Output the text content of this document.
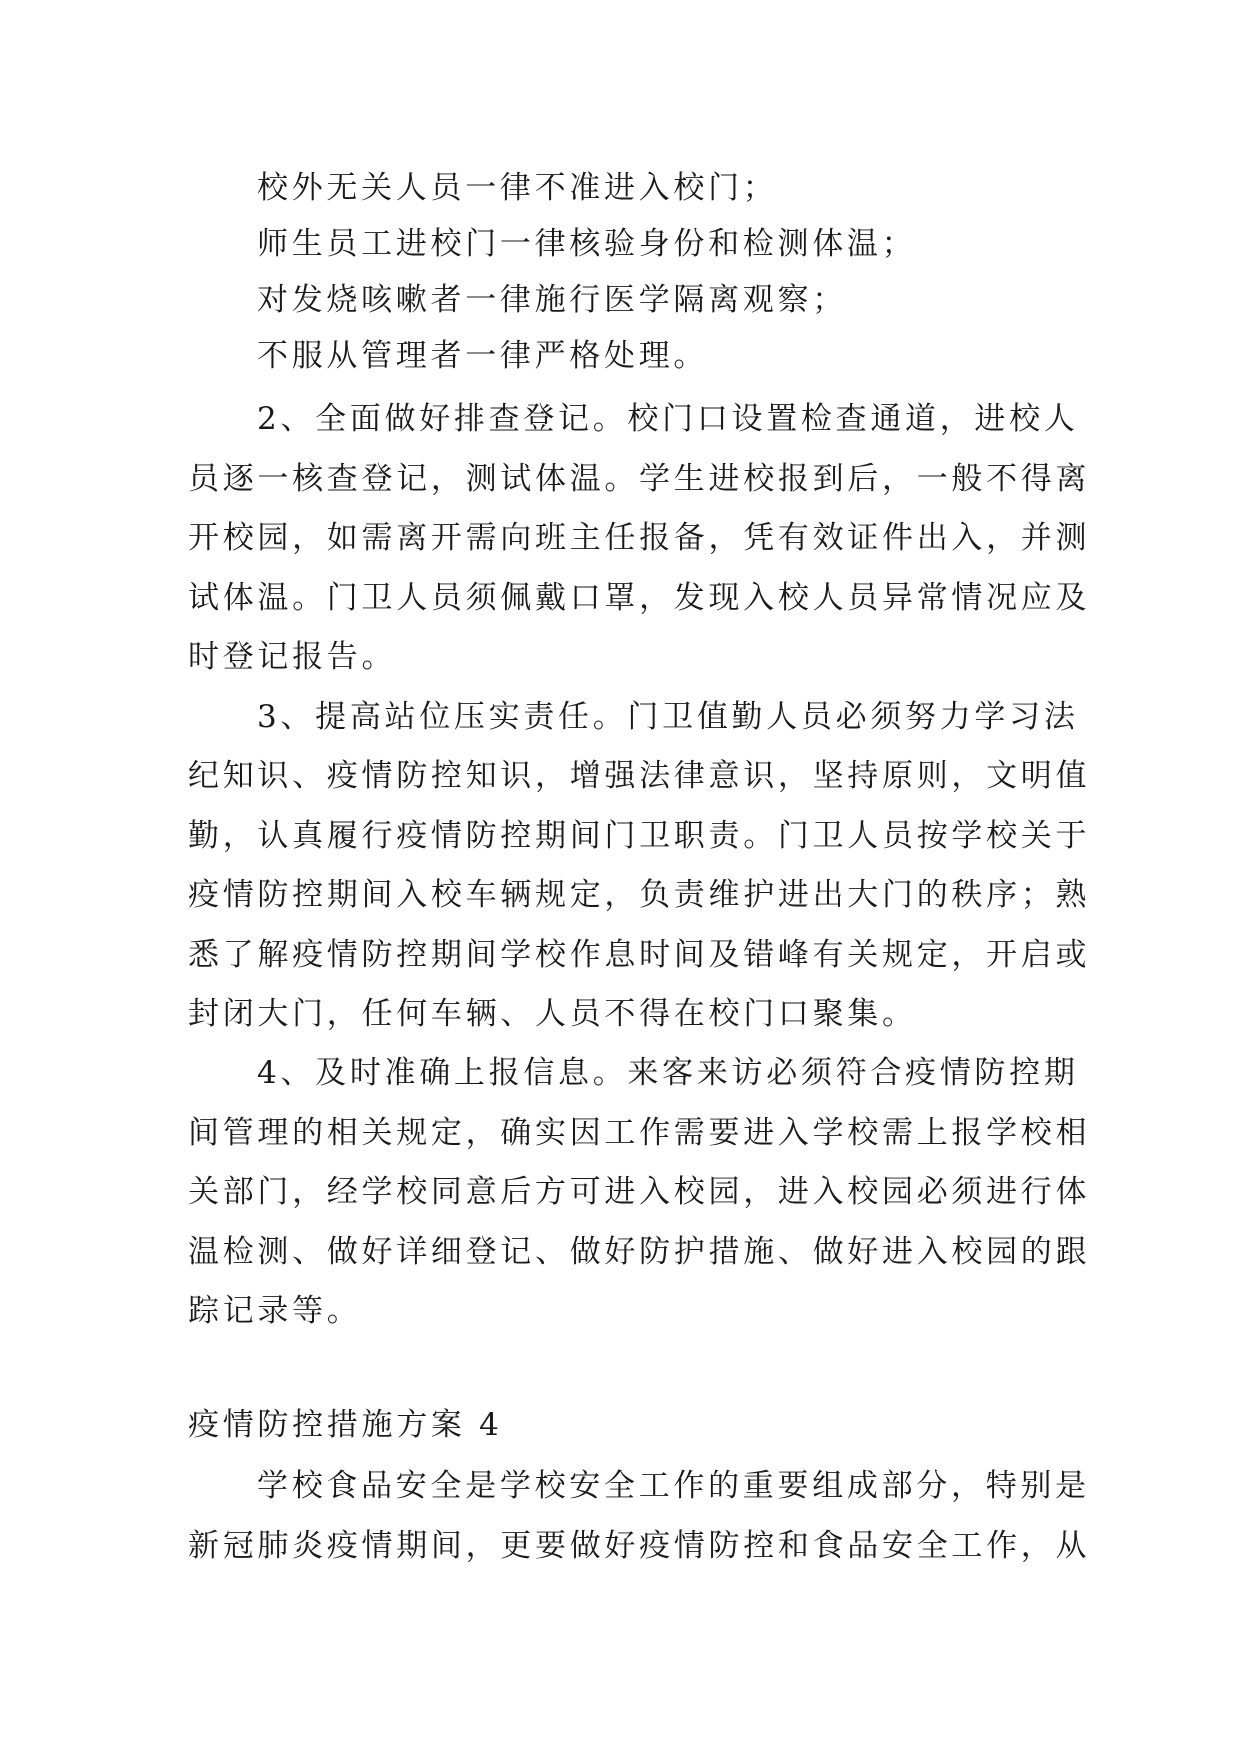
校外无关人员一律不准进入校门；
师生员工进校门一律核验身份和检测体温；
对发烧咳嗽者一律施行医学隔离观察；
不服从管理者一律严格处理。
2、全面做好排查登记。校门口设置检查通道，进校人
员逐一核查登记，测试体温。学生进校报到后，一般不得离
开校园，如需离开需向班主任报备，凭有效证件出入，并测
试体温。门卫人员须佩戴口罩，发现入校人员异常情况应及
时登记报告。
3、提高站位压实责任。门卫值勤人员必须努力学习法
纪知识、疫情防控知识，增强法律意识，坚持原则，文明值
勤，认真履行疫情防控期间门卫职责。门卫人员按学校关于
疫情防控期间入校车辆规定，负责维护进出大门的秩序；熟
悉了解疫情防控期间学校作息时间及错峰有关规定，开启或
封闭大门，任何车辆、人员不得在校门口聚集。
4、及时准确上报信息。来客来访必须符合疫情防控期
间管理的相关规定，确实因工作需要进入学校需上报学校相
关部门，经学校同意后方可进入校园，进入校园必须进行体
温检测、做好详细登记、做好防护措施、做好进入校园的跟
踪记录等。
疫情防控措施方案 4
学校食品安全是学校安全工作的重要组成部分，特别是
新冠肺炎疫情期间，更要做好疫情防控和食品安全工作，从
